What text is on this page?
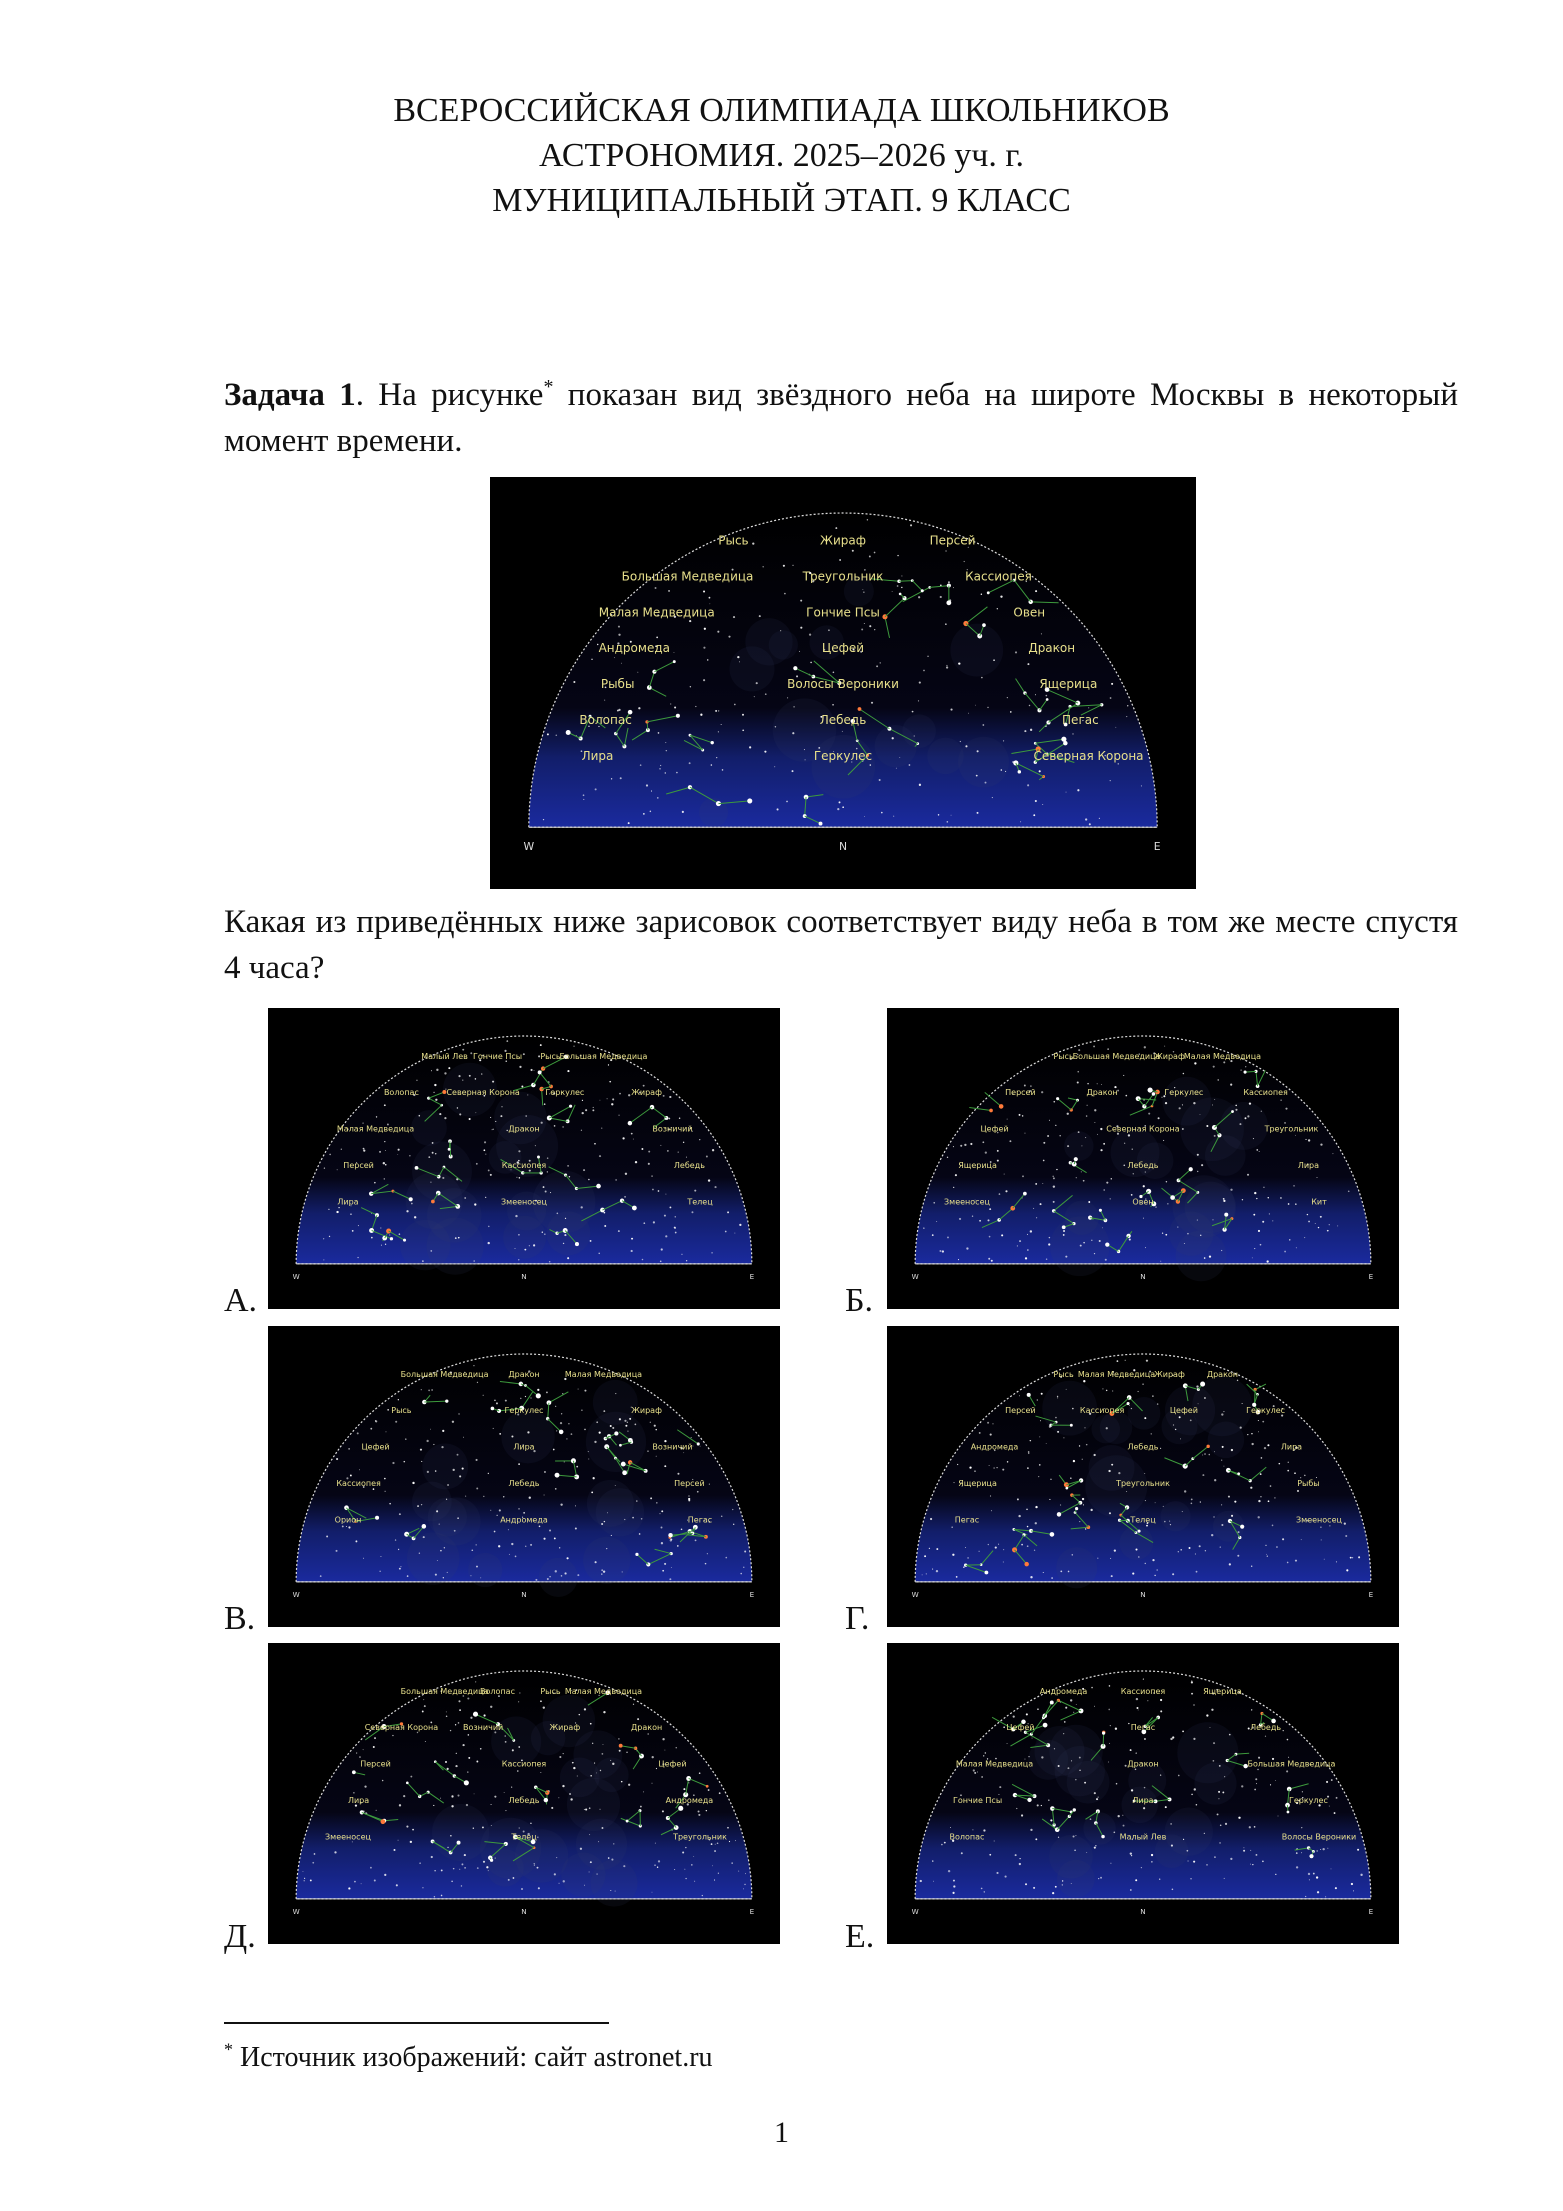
ВСЕРОССИЙСКАЯ ОЛИМПИАДА ШКОЛЬНИКОВ
АСТРОНОМИЯ. 2025–2026 уч. г.
МУНИЦИПАЛЬНЫЙ ЭТАП. 9 КЛАСС
Задача 1. На рисунке* показан вид звёздного неба на широте Москвы в некоторый момент времени.
Рысь	Жираф	Персей
Большая Медведица	Треугольник	Кассиопея
Малая Медведица	Гончие Псы	Овен
Андромеда	Цефей	Дракон
Рыбы	Волосы Вероники	Ящерица
Волопас	Лебедь	Пегас
Лира	Геркулес	Северная Корона
W	N	E
Какая из приведённых ниже зарисовок соответствует виду неба в том же месте спустя 4 часа?
Малый Лев Гончие Псы Рысь
Большая Медведица
Волопас	Северная Корона	Геркулес	Жираф
Малая Медведица	Дракон	Возничий
Персей	Кассиопея	Лебедь
Лира	Змееносец	Телец
W	N	E
А.
Рысь
Большая Медведица
Жираф Малая Медведица
Персей	Дракон	Геркулес	Кассиопея
Цефей	Северная Корона	Треугольник
Ящерица	Лебедь	Лира
Змееносец	Овен	Кит
W	N	E
Б.
Большая Медведица Дракон	Малая Медведица
Рысь	Геркулес	Жираф
Цефей	Лира	Возничий
Кассиопея	Лебедь	Персей
Орион	Андромеда	Пегас
W	N	E
В.
Рысь Малая Медведица Жираф	Дракон
Персей	Кассиопея	Цефей	Геркулес
Андромеда	Лебедь	Лира
Ящерица	Треугольник	Рыбы
Пегас	Телец	Змееносец
W	N	E
Г.
Большая Медведица
Волопас	Рысь Малая Медведица
Северная Корона	Возничий	Жираф	Дракон
Персей	Кассиопея	Цефей
Лира	Лебедь	Андромеда
Змееносец	Телец	Треугольник
W	N	E
Д.
Андромеда	Кассиопея	Ящерица
Цефей	Пегас	Лебедь
Малая Медведица	Дракон	Большая Медведица
Гончие Псы	Лира	Геркулес
Волопас	Малый Лев	Волосы Вероники
W	N	E
Е.
* Источник изображений: сайт astronet.ru
1
